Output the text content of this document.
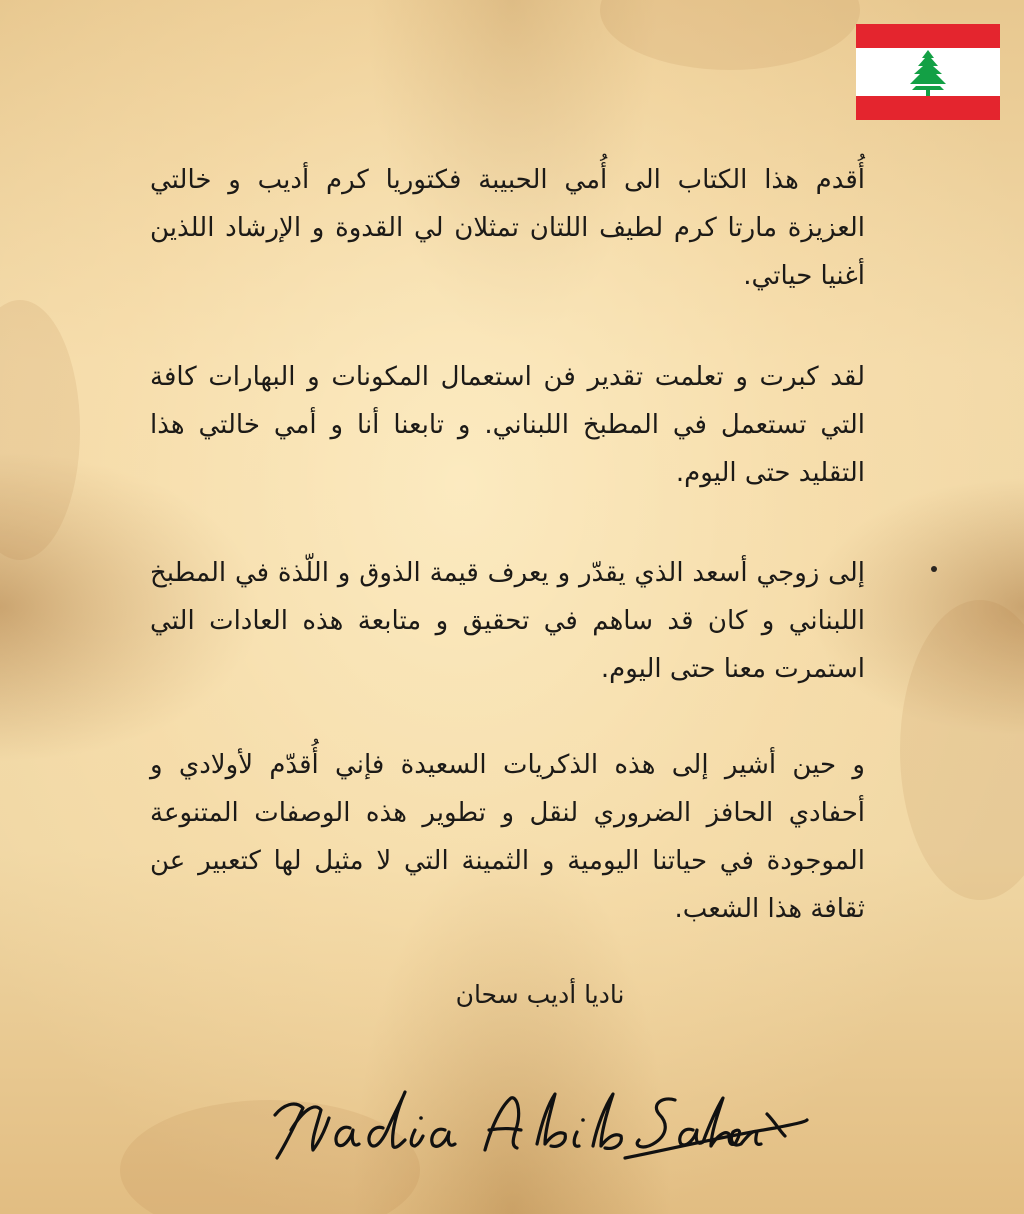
أُقدم هذا الكتاب الى أُمي الحبيبة فكتوريا كرم أديب و خالتي العزيزة مارتا كرم لطيف اللتان تمثلان لي القدوة و الإرشاد اللذين أغنيا حياتي.
لقد كبرت و تعلمت تقدير فن استعمال المكونات و البهارات كافة التي تستعمل في المطبخ اللبناني. و تابعنا أنا و أمي خالتي هذا التقليد حتى اليوم.
إلى زوجي أسعد الذي يقدّر و يعرف قيمة الذوق و اللّذة في المطبخ اللبناني و كان قد ساهم في تحقيق و متابعة هذه العادات التي استمرت معنا حتى اليوم.
و حين أشير إلى هذه الذكريات السعيدة فإني أُقدّم لأولادي و أحفادي الحافز الضروري لنقل و تطوير هذه الوصفات المتنوعة الموجودة في حياتنا اليومية و الثمينة التي لا مثيل لها كتعبير عن ثقافة هذا الشعب.
ناديا أديب سحان
